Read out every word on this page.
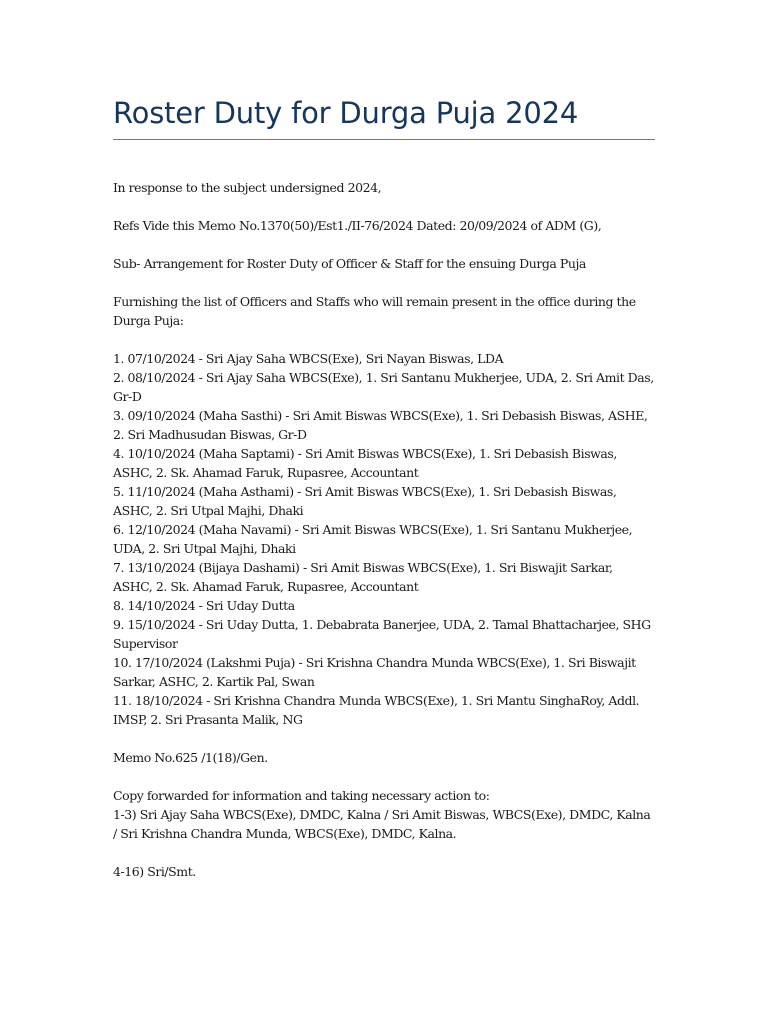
Roster Duty for Durga Puja 2024

In response to the subject undersigned 2024,

Refs Vide this Memo No.1370(50)/Est1./II-76/2024 Dated: 20/09/2024 of ADM (G),

Sub- Arrangement for Roster Duty of Officer & Staff for the ensuing Durga Puja

Furnishing the list of Officers and Staffs who will remain present in the office during the Durga Puja:

1. 07/10/2024 - Sri Ajay Saha WBCS(Exe), Sri Nayan Biswas, LDA
2. 08/10/2024 - Sri Ajay Saha WBCS(Exe), 1. Sri Santanu Mukherjee, UDA, 2. Sri Amit Das, Gr-D
3. 09/10/2024 (Maha Sasthi) - Sri Amit Biswas WBCS(Exe), 1. Sri Debasish Biswas, ASHE, 2. Sri Madhusudan Biswas, Gr-D
4. 10/10/2024 (Maha Saptami) - Sri Amit Biswas WBCS(Exe), 1. Sri Debasish Biswas, ASHC, 2. Sk. Ahamad Faruk, Rupasree, Accountant
5. 11/10/2024 (Maha Asthami) - Sri Amit Biswas WBCS(Exe), 1. Sri Debasish Biswas, ASHC, 2. Sri Utpal Majhi, Dhaki
6. 12/10/2024 (Maha Navami) - Sri Amit Biswas WBCS(Exe), 1. Sri Santanu Mukherjee, UDA, 2. Sri Utpal Majhi, Dhaki
7. 13/10/2024 (Bijaya Dashami) - Sri Amit Biswas WBCS(Exe), 1. Sri Biswajit Sarkar, ASHC, 2. Sk. Ahamad Faruk, Rupasree, Accountant
8. 14/10/2024 - Sri Uday Dutta
9. 15/10/2024 - Sri Uday Dutta, 1. Debabrata Banerjee, UDA, 2. Tamal Bhattacharjee, SHG Supervisor
10. 17/10/2024 (Lakshmi Puja) - Sri Krishna Chandra Munda WBCS(Exe), 1. Sri Biswajit Sarkar, ASHC, 2. Kartik Pal, Swan
11. 18/10/2024 - Sri Krishna Chandra Munda WBCS(Exe), 1. Sri Mantu SinghaRoy, Addl. IMSP, 2. Sri Prasanta Malik, NG

Memo No.625 /1(18)/Gen.

Copy forwarded for information and taking necessary action to:

1-3) Sri Ajay Saha WBCS(Exe), DMDC, Kalna / Sri Amit Biswas, WBCS(Exe), DMDC, Kalna / Sri Krishna Chandra Munda, WBCS(Exe), DMDC, Kalna.

4-16) Sri/Smt.
